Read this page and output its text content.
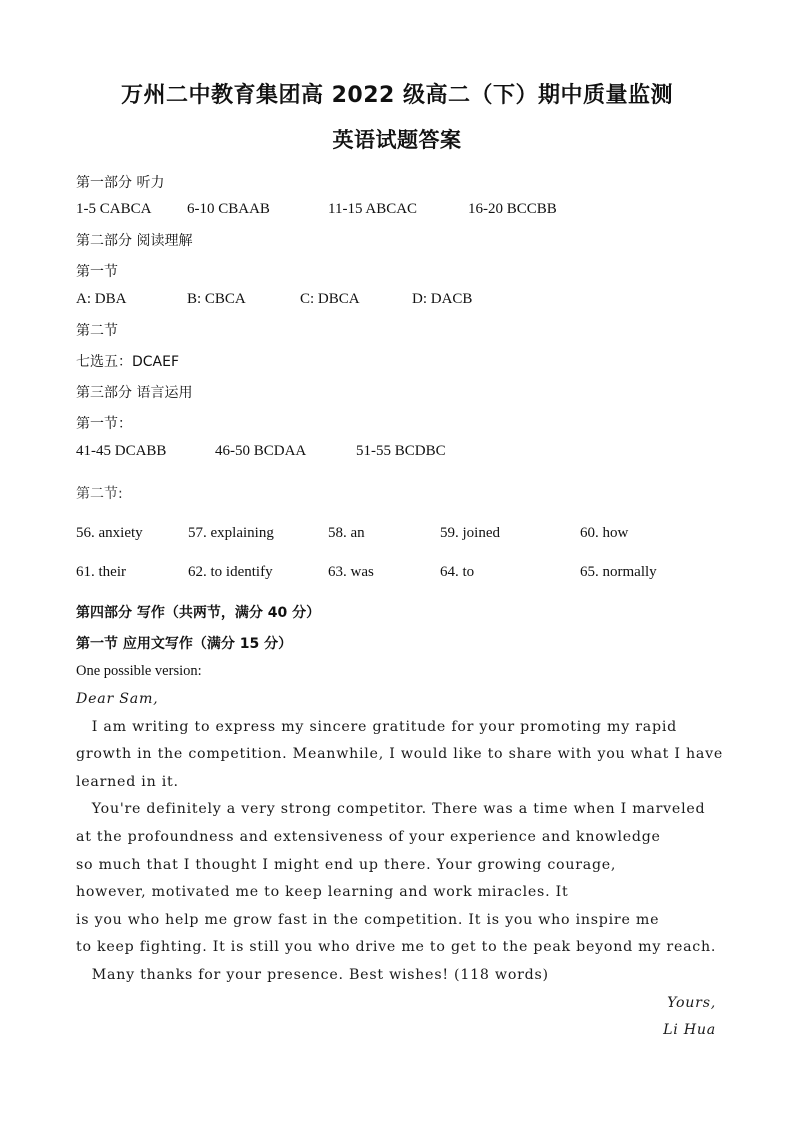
万州二中教育集团高 2022 级高二（下）期中质量监测
英语试题答案
第一部分 听力
1-5 CABCA 6-10 CBAAB	11-15 ABCAC	16-20 BCCBB
第二部分 阅读理解
第一节
A: DBA	B: CBCA	C: DBCA	D: DACB
第二节
七选五：DCAEF
第三部分 语言运用
第一节：
41-45 DCABB	46-50 BCDAA	51-55 BCDBC
第二节:
56. anxiety	57. explaining	58. an	59. joined	60. how
61. their	62. to identify	63. was	64. to	65. normally
第四部分 写作（共两节，满分 40 分）
第一节 应用文写作（满分 15 分）
One possible version:
Dear Sam,
I am writing to express my sincere gratitude for your promoting my rapid
growth in the competition. Meanwhile, I would like to share with you what I have
learned in it.
You're definitely a very strong competitor. There was a time when I marveled
at the profoundness and extensiveness of your experience and knowledge
so much that I thought I might end up there. Your growing courage,
however, motivated me to keep learning and work miracles. It
is you who help me grow fast in the competition. It is you who inspire me
to keep fighting. It is still you who drive me to get to the peak beyond my reach.
Many thanks for your presence. Best wishes! (118 words)
Yours,
Li Hua
